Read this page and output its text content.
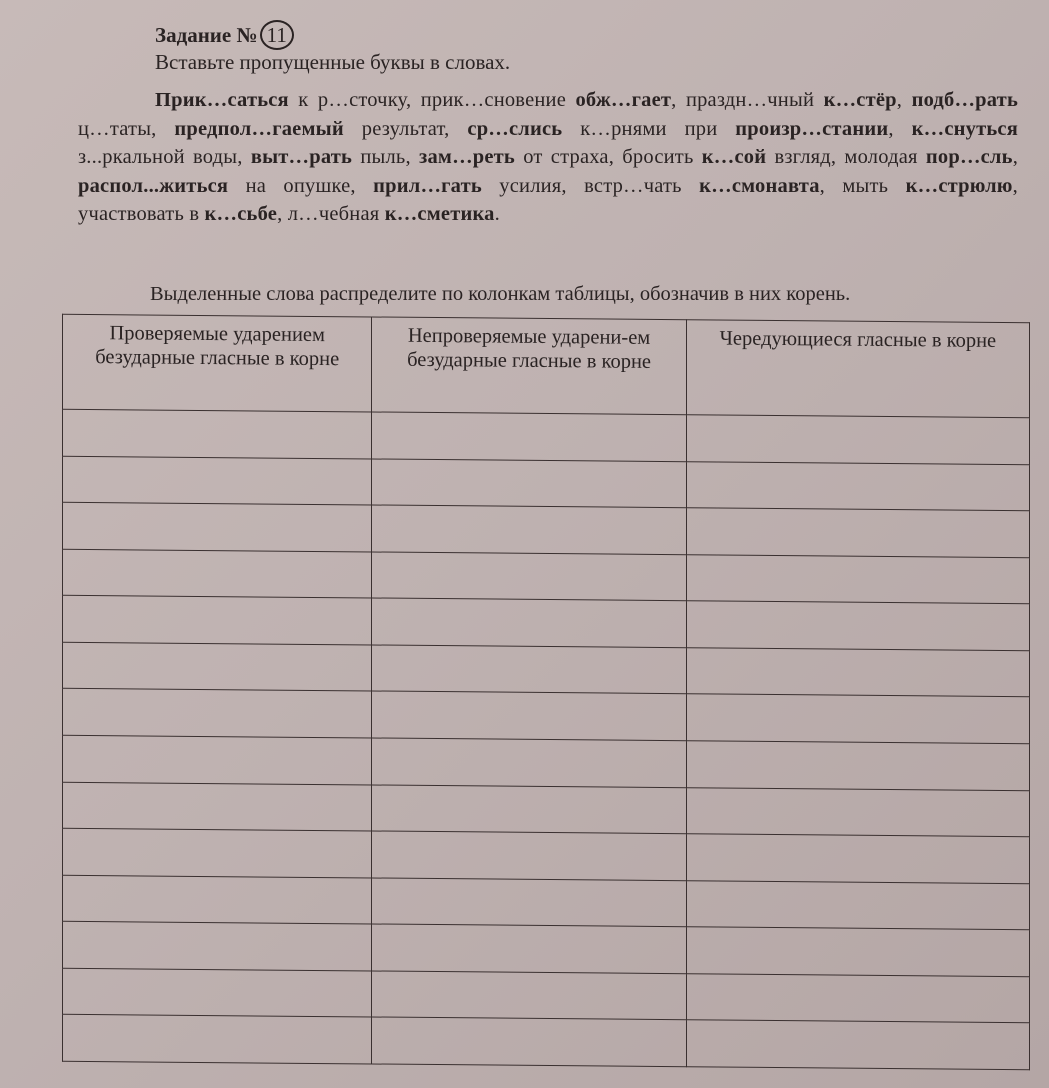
Задание № 11
Вставьте пропущенные буквы в словах.
Прик…саться к р…сточку, прик…сновение обж…гает, праздн…чный к…стёр, подб…рать ц…таты, предпол…гаемый результат, ср…слись к…рнями при произр…стании, к…снуться з...ркальной воды, выт…рать пыль, зам…реть от страха, бросить к…сой взгляд, молодая пор…сль, распол...житься на опушке, прил…гать усилия, встр…чать к…смонавта, мыть к…стрюлю, участвовать в к…сьбе, л…чебная к…сметика.
Выделенные слова распределите по колонкам таблицы, обозначив в них корень.
Проверяемые ударением безударные гласные в корне	Непроверяемые ударени-ем безударные гласные в корне	Чередующиеся гласные в корне
